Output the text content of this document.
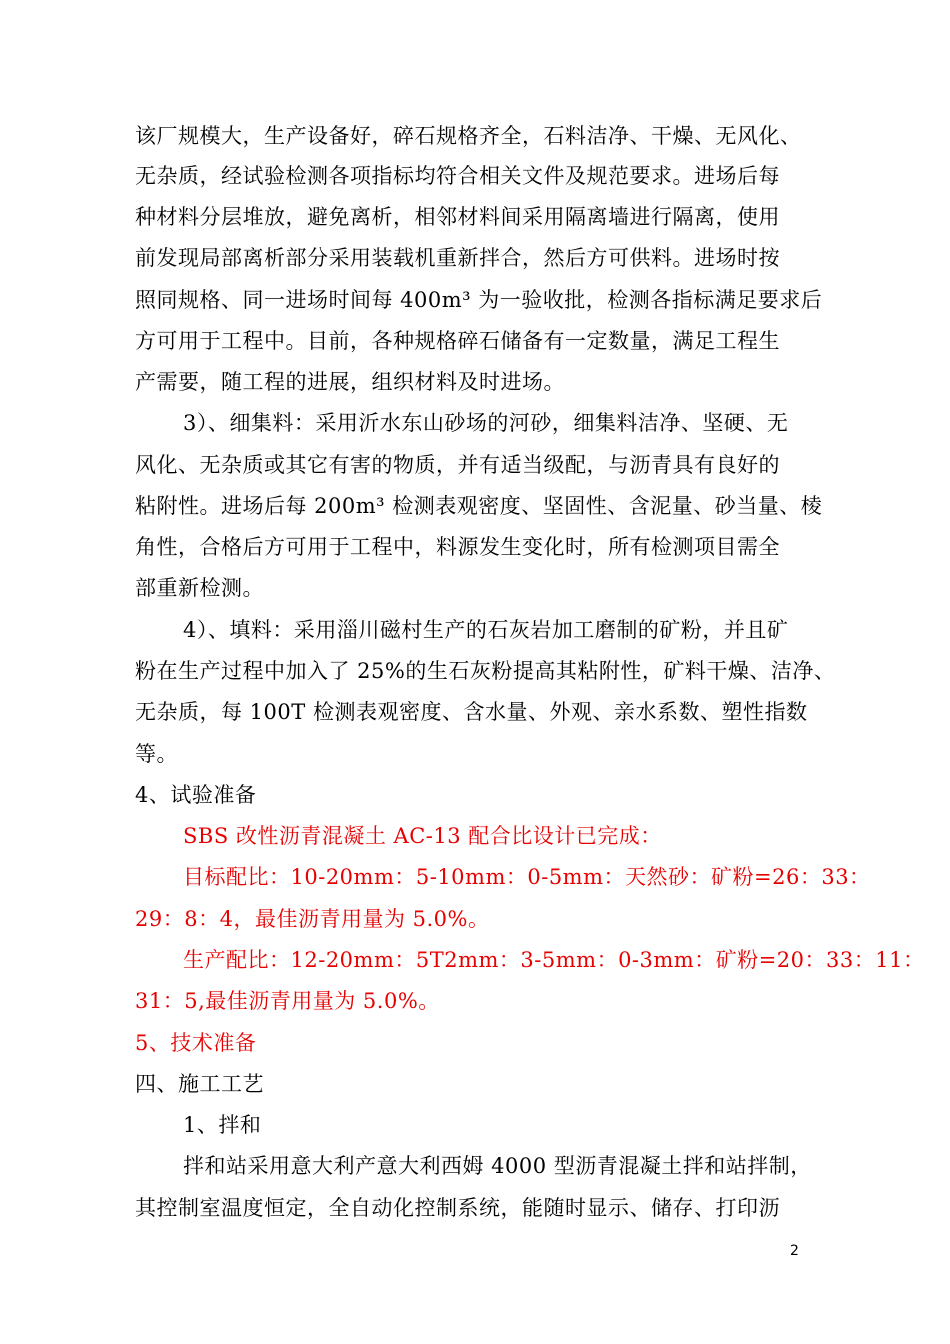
该厂规模大，生产设备好，碎石规格齐全，石料洁净、干燥、无风化、
无杂质，经试验检测各项指标均符合相关文件及规范要求。进场后每
种材料分层堆放，避免离析，相邻材料间采用隔离墙进行隔离，使用
前发现局部离析部分采用装载机重新拌合，然后方可供料。进场时按
照同规格、同一进场时间每 400m³ 为一验收批，检测各指标满足要求后
方可用于工程中。目前，各种规格碎石储备有一定数量，满足工程生
产需要，随工程的进展，组织材料及时进场。
3）、细集料：采用沂水东山砂场的河砂，细集料洁净、坚硬、无
风化、无杂质或其它有害的物质，并有适当级配，与沥青具有良好的
粘附性。进场后每 200m³ 检测表观密度、坚固性、含泥量、砂当量、棱
角性，合格后方可用于工程中，料源发生变化时，所有检测项目需全
部重新检测。
4）、填料：采用淄川磁村生产的石灰岩加工磨制的矿粉，并且矿
粉在生产过程中加入了 25%的生石灰粉提高其粘附性，矿料干燥、洁净、
无杂质，每 100T 检测表观密度、含水量、外观、亲水系数、塑性指数
等。
4、试验准备
SBS 改性沥青混凝土 AC-13 配合比设计已完成：
目标配比：10-20mm：5-10mm：0-5mm：天然砂：矿粉=26：33：
29：8：4，最佳沥青用量为 5.0%。
生产配比：12-20mm：5T2mm：3-5mm：0-3mm：矿粉=20：33：11：
31：5,最佳沥青用量为 5.0%。
5、技术准备
四、施工工艺
1、拌和
拌和站采用意大利产意大利西姆 4000 型沥青混凝土拌和站拌制，
其控制室温度恒定，全自动化控制系统，能随时显示、储存、打印沥
2
